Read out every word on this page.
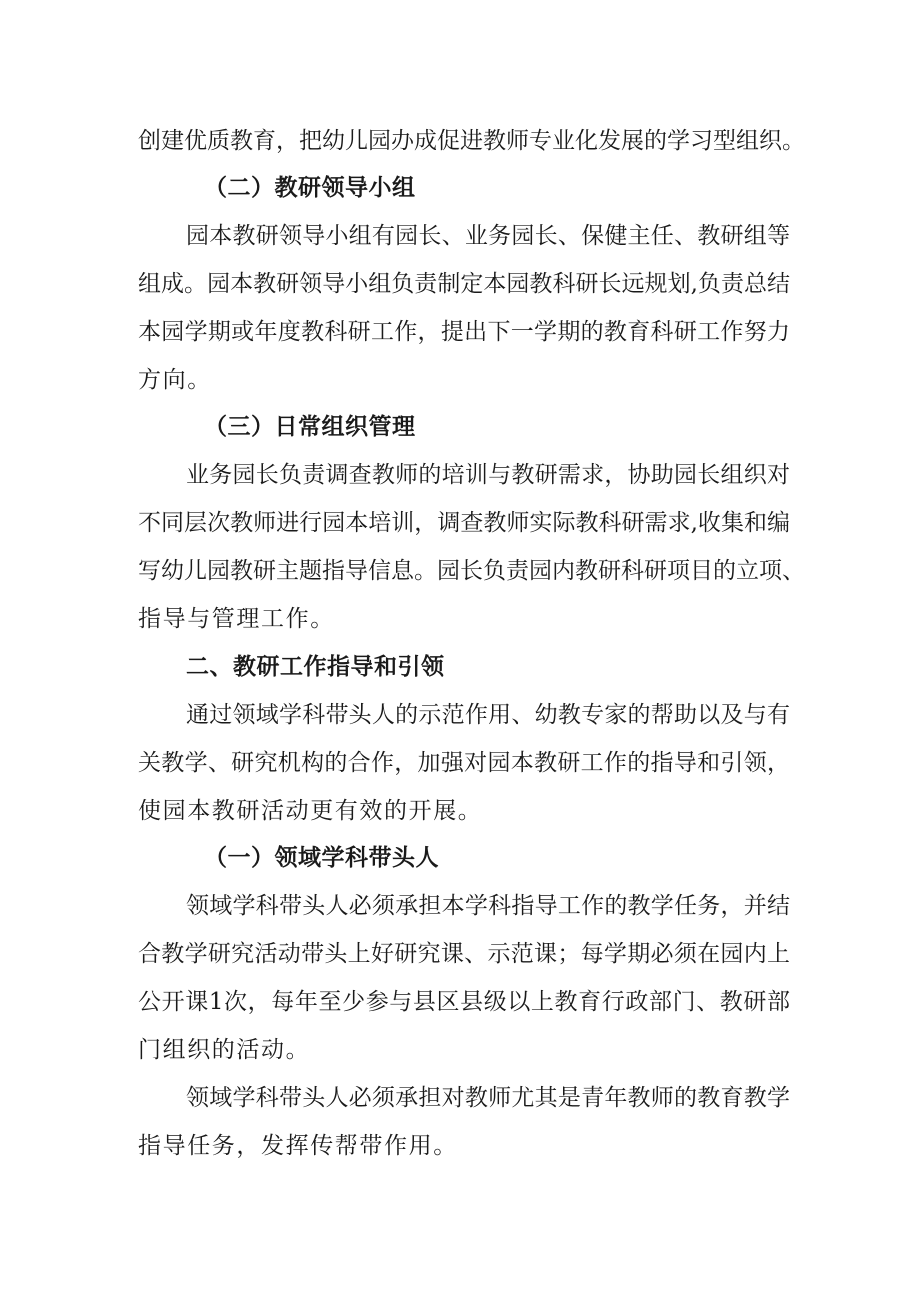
创建优质教育，把幼儿园办成促进教师专业化发展的学习型组织。
（二）教研领导小组
园本教研领导小组有园长、业务园长、保健主任、教研组等
组成。园本教研领导小组负责制定本园教科研长远规划,负责总结
本园学期或年度教科研工作，提出下一学期的教育科研工作努力
方向。
（三）日常组织管理
业务园长负责调查教师的培训与教研需求，协助园长组织对
不同层次教师进行园本培训，调查教师实际教科研需求,收集和编
写幼儿园教研主题指导信息。园长负责园内教研科研项目的立项、
指导与管理工作。
二、教研工作指导和引领
通过领域学科带头人的示范作用、幼教专家的帮助以及与有
关教学、研究机构的合作，加强对园本教研工作的指导和引领，
使园本教研活动更有效的开展。
（一）领域学科带头人
领域学科带头人必须承担本学科指导工作的教学任务，并结
合教学研究活动带头上好研究课、示范课；每学期必须在园内上
公开课1次，每年至少参与县区县级以上教育行政部门、教研部
门组织的活动。
领域学科带头人必须承担对教师尤其是青年教师的教育教学
指导任务，发挥传帮带作用。
